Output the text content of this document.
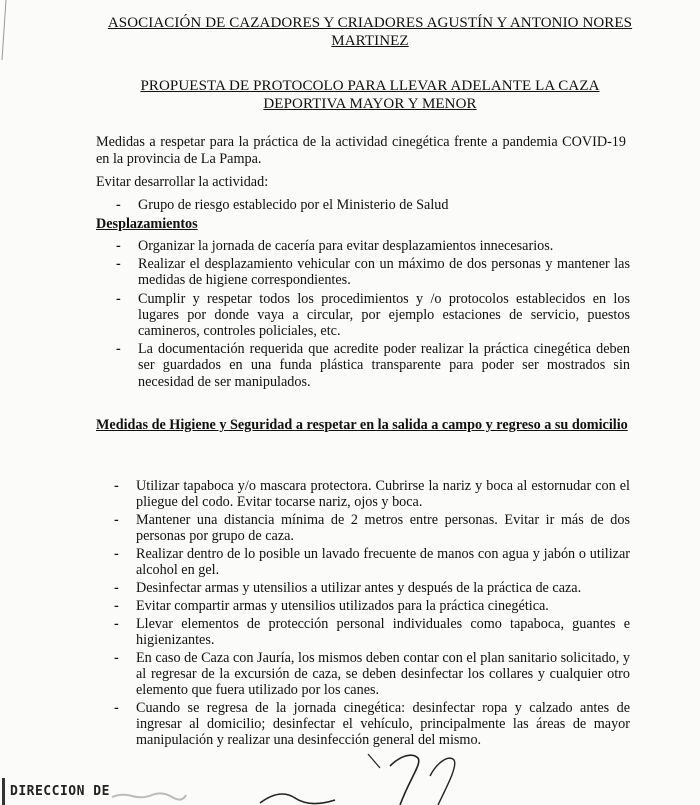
ASOCIACIÓN DE CAZADORES Y CRIADORES AGUSTÍN Y ANTONIO NORES
MARTINEZ
PROPUESTA DE PROTOCOLO PARA LLEVAR ADELANTE LA CAZA
DEPORTIVA MAYOR Y MENOR
Medidas a respetar para la práctica de la actividad cinegética frente a pandemia COVID-19 en la provincia de La Pampa.
Evitar desarrollar la actividad:
- Grupo de riesgo establecido por el Ministerio de Salud
Desplazamientos
- Organizar la jornada de cacería para evitar desplazamientos innecesarios.
- Realizar el desplazamiento vehicular con un máximo de dos personas y mantener las medidas de higiene correspondientes.
- Cumplir y respetar todos los procedimientos y /o protocolos establecidos en los lugares por donde vaya a circular, por ejemplo estaciones de servicio, puestos camineros, controles policiales, etc.
- La documentación requerida que acredite poder realizar la práctica cinegética deben ser guardados en una funda plástica transparente para poder ser mostrados sin necesidad de ser manipulados.
Medidas de Higiene y Seguridad a respetar en la salida a campo y regreso a su domicilio
- Utilizar tapaboca y/o mascara protectora. Cubrirse la nariz y boca al estornudar con el pliegue del codo. Evitar tocarse nariz, ojos y boca.
- Mantener una distancia mínima de 2 metros entre personas. Evitar ir más de dos personas por grupo de caza.
- Realizar dentro de lo posible un lavado frecuente de manos con agua y jabón o utilizar alcohol en gel.
- Desinfectar armas y utensilios a utilizar antes y después de la práctica de caza.
- Evitar compartir armas y utensilios utilizados para la práctica cinegética.
- Llevar elementos de protección personal individuales como tapaboca, guantes e higienizantes.
- En caso de Caza con Jauría, los mismos deben contar con el plan sanitario solicitado, y al regresar de la excursión de caza, se deben desinfectar los collares y cualquier otro elemento que fuera utilizado por los canes.
- Cuando se regresa de la jornada cinegética: desinfectar ropa y calzado antes de ingresar al domicilio; desinfectar el vehículo, principalmente las áreas de mayor manipulación y realizar una desinfección general del mismo.
DIRECCION DE
